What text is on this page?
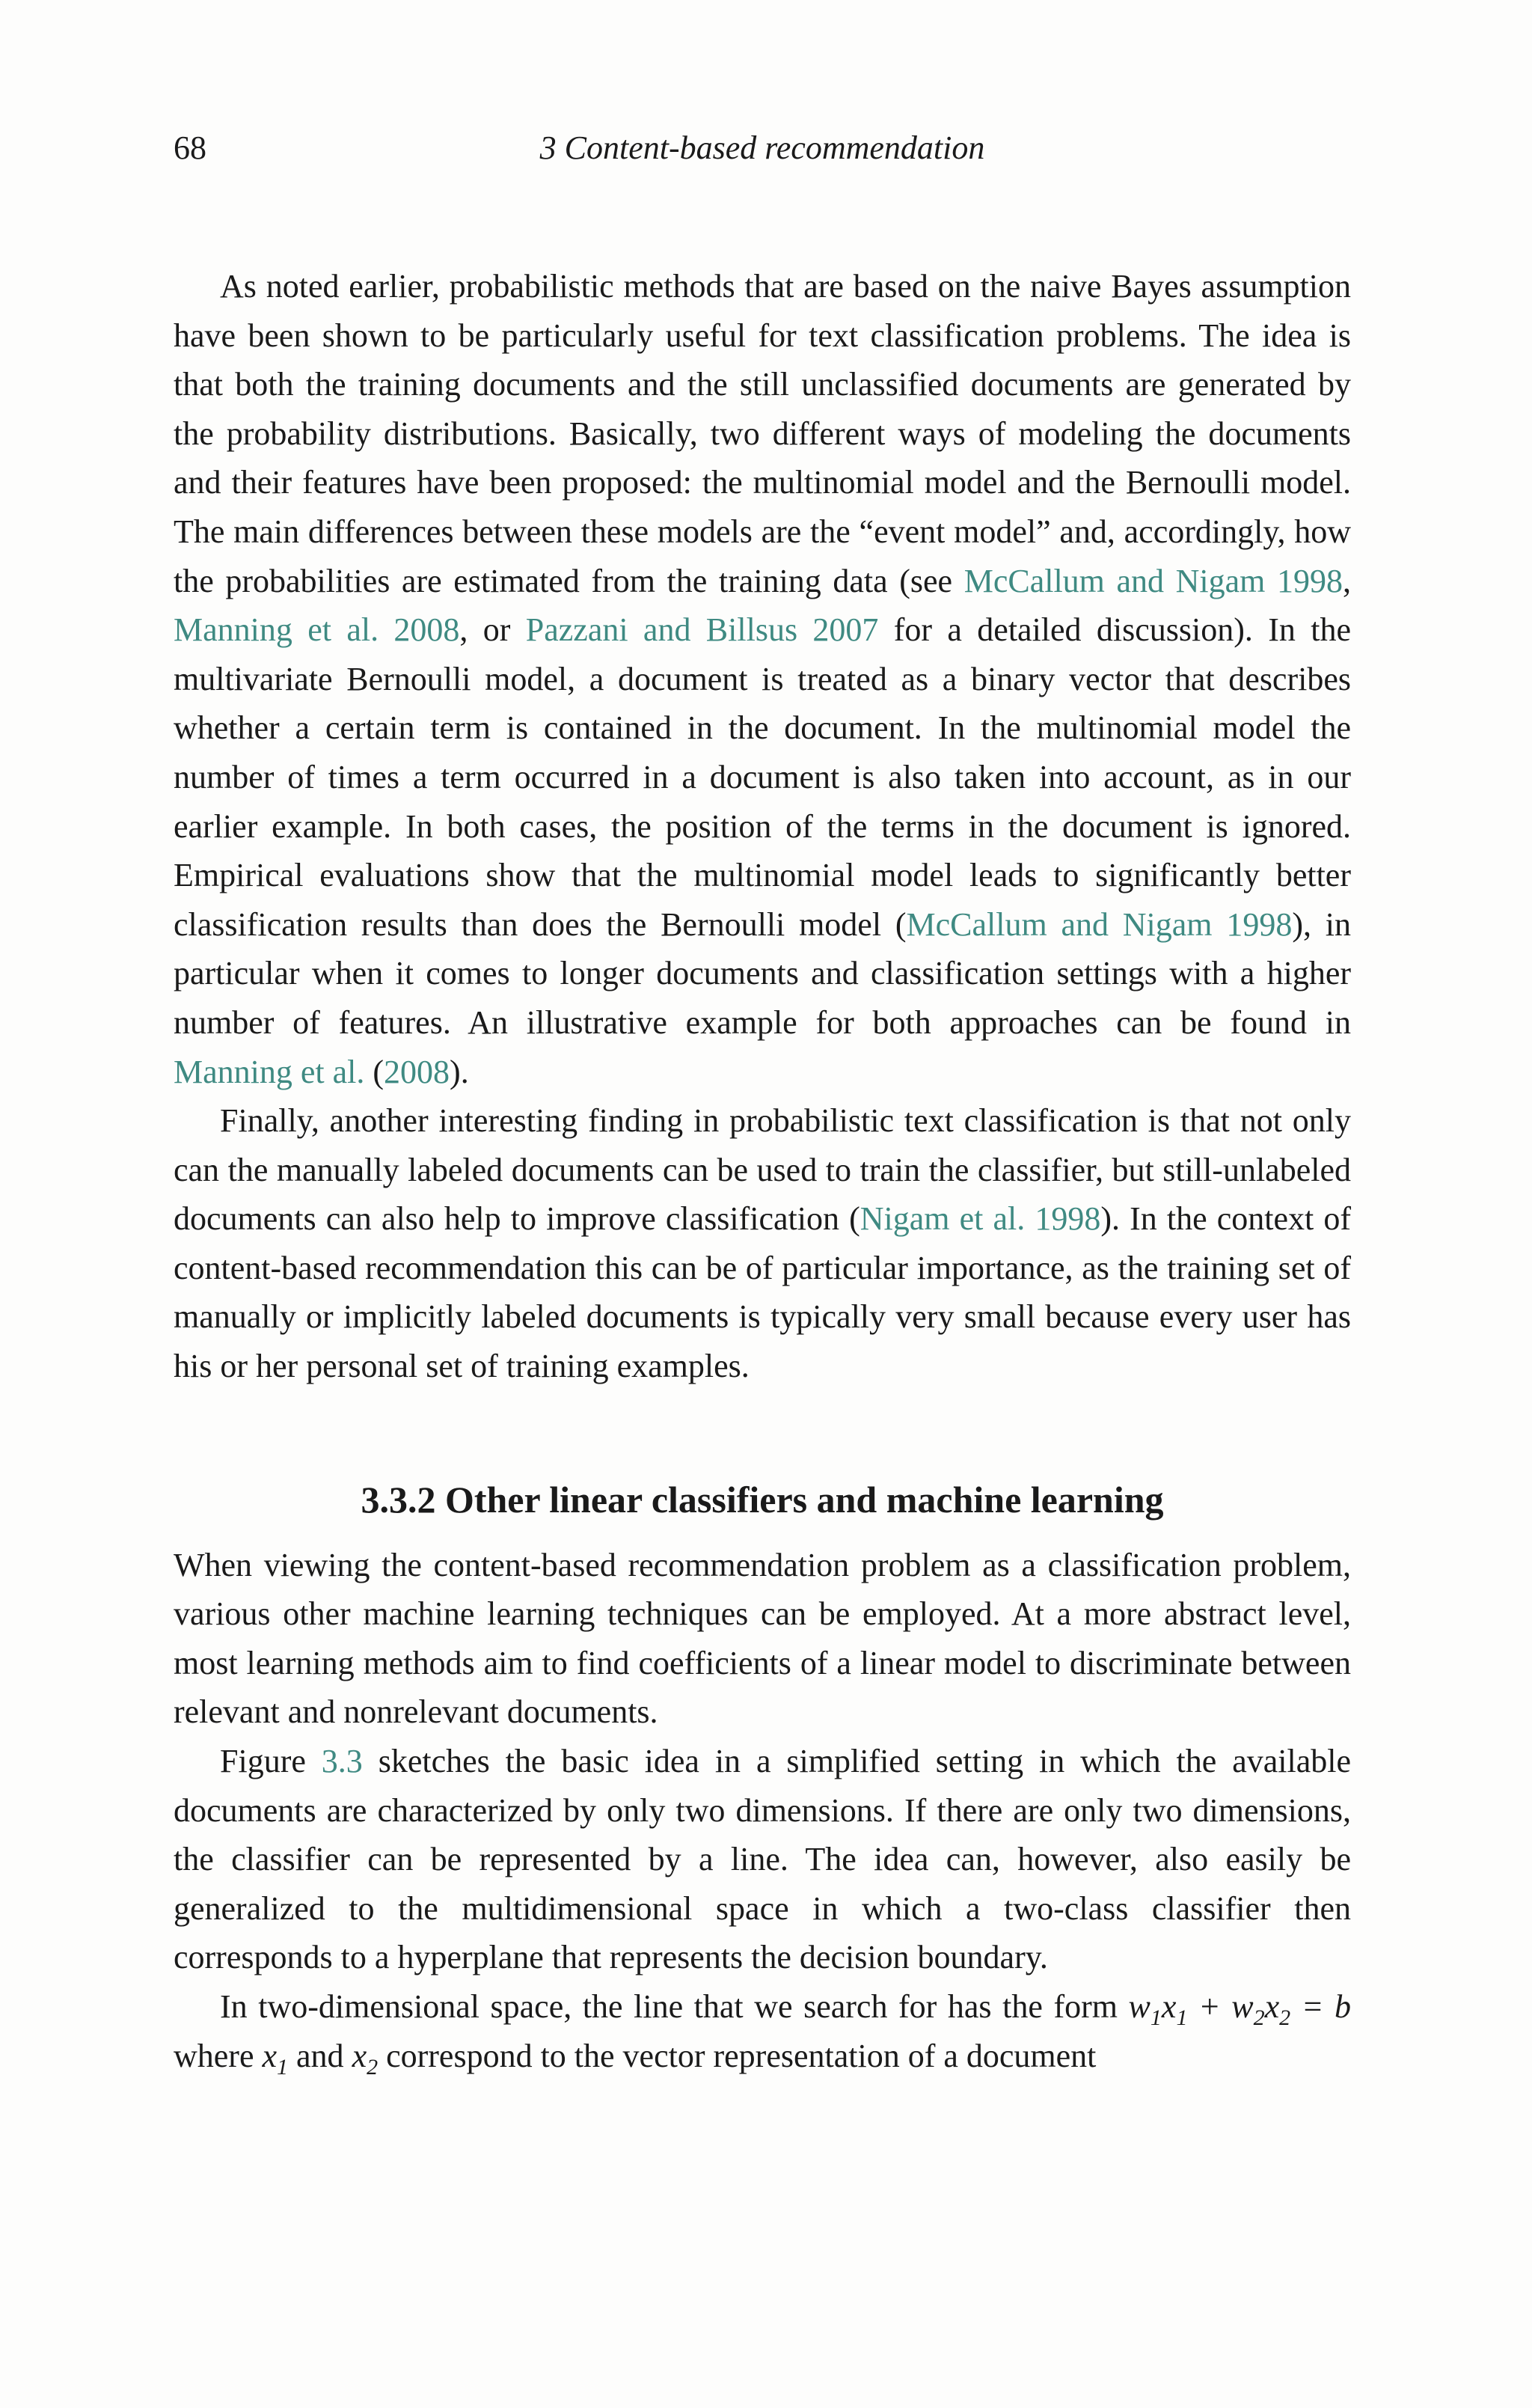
68	3 Content-based recommendation

As noted earlier, probabilistic methods that are based on the naive Bayes assumption have been shown to be particularly useful for text classification problems. The idea is that both the training documents and the still unclassified documents are generated by the probability distributions. Basically, two different ways of modeling the documents and their features have been proposed: the multinomial model and the Bernoulli model. The main differences between these models are the “event model” and, accordingly, how the probabilities are estimated from the training data (see McCallum and Nigam 1998, Manning et al. 2008, or Pazzani and Billsus 2007 for a detailed discussion). In the multivariate Bernoulli model, a document is treated as a binary vector that describes whether a certain term is contained in the document. In the multinomial model the number of times a term occurred in a document is also taken into account, as in our earlier example. In both cases, the position of the terms in the document is ignored. Empirical evaluations show that the multinomial model leads to significantly better classification results than does the Bernoulli model (McCallum and Nigam 1998), in particular when it comes to longer documents and classification settings with a higher number of features. An illustrative example for both approaches can be found in Manning et al. (2008).

Finally, another interesting finding in probabilistic text classification is that not only can the manually labeled documents can be used to train the classifier, but still-unlabeled documents can also help to improve classification (Nigam et al. 1998). In the context of content-based recommendation this can be of particular importance, as the training set of manually or implicitly labeled documents is typically very small because every user has his or her personal set of training examples.

3.3.2 Other linear classifiers and machine learning

When viewing the content-based recommendation problem as a classification problem, various other machine learning techniques can be employed. At a more abstract level, most learning methods aim to find coefficients of a linear model to discriminate between relevant and nonrelevant documents.

Figure 3.3 sketches the basic idea in a simplified setting in which the available documents are characterized by only two dimensions. If there are only two dimensions, the classifier can be represented by a line. The idea can, however, also easily be generalized to the multidimensional space in which a two-class classifier then corresponds to a hyperplane that represents the decision boundary.

In two-dimensional space, the line that we search for has the form $w_1x_1 + w_2x_2 = b$ where $x_1$ and $x_2$ correspond to the vector representation of a document
